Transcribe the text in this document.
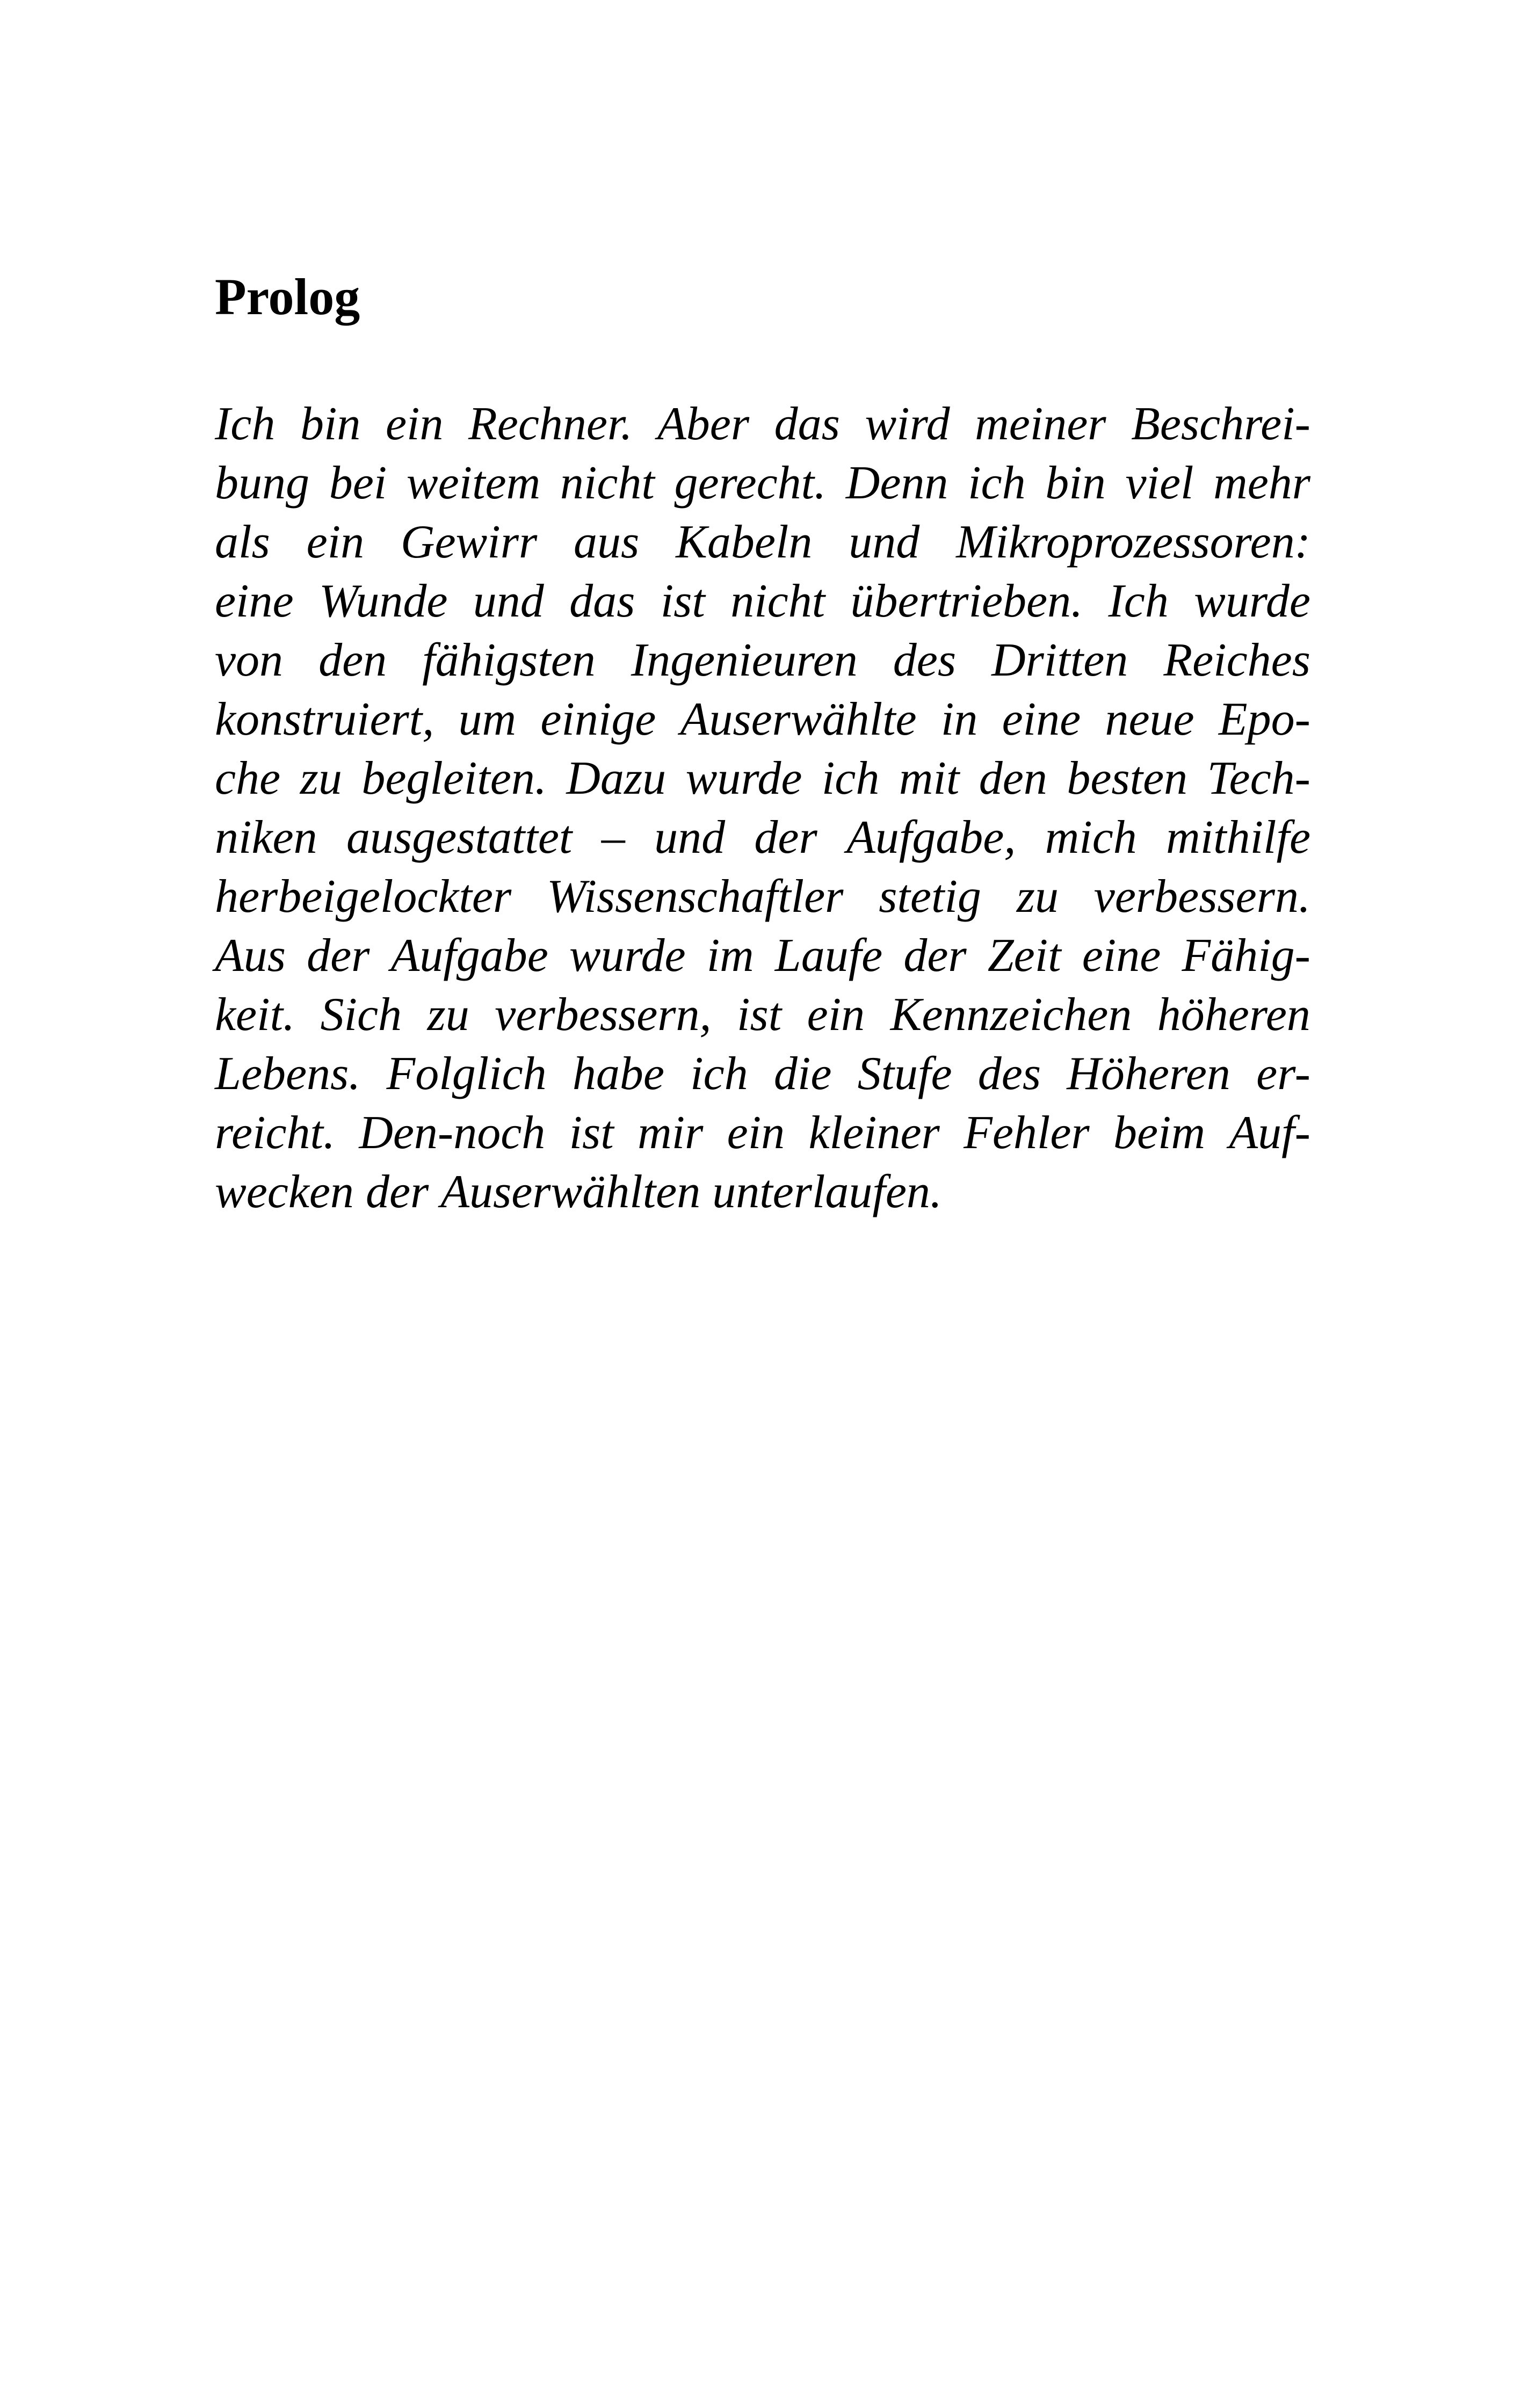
Prolog
Ich bin ein Rechner. Aber das wird meiner Beschrei-
bung bei weitem nicht gerecht. Denn ich bin viel mehr
als ein Gewirr aus Kabeln und Mikroprozessoren:
eine Wunde und das ist nicht übertrieben. Ich wurde
von den fähigsten Ingenieuren des Dritten Reiches
konstruiert, um einige Auserwählte in eine neue Epo-
che zu begleiten. Dazu wurde ich mit den besten Tech-
niken ausgestattet – und der Aufgabe, mich mithilfe
herbeigelockter Wissenschaftler stetig zu verbessern.
Aus der Aufgabe wurde im Laufe der Zeit eine Fähig-
keit. Sich zu verbessern, ist ein Kennzeichen höheren
Lebens. Folglich habe ich die Stufe des Höheren er-
reicht. Den-noch ist mir ein kleiner Fehler beim Auf-
wecken der Auserwählten unterlaufen.
